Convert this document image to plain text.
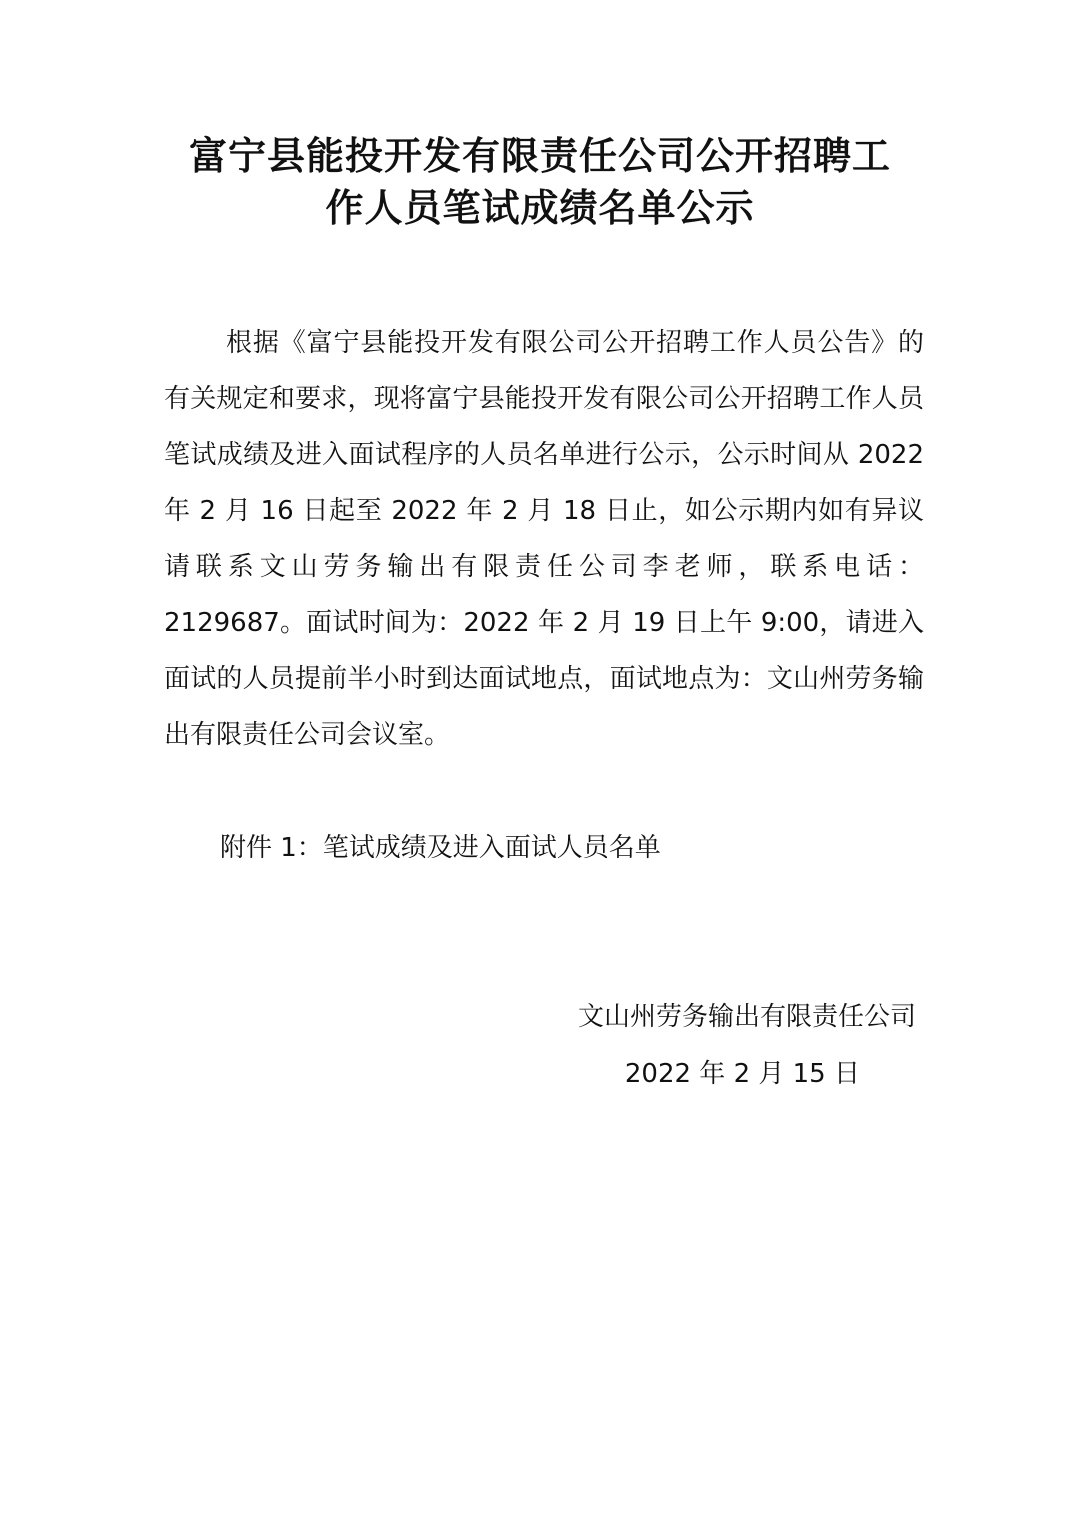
富宁县能投开发有限责任公司公开招聘工
作人员笔试成绩名单公示

根据《富宁县能投开发有限公司公开招聘工作人员公告》的有关规定和要求，现将富宁县能投开发有限公司公开招聘工作人员笔试成绩及进入面试程序的人员名单进行公示，公示时间从 2022 年 2 月 16 日起至 2022 年 2 月 18 日止，如公示期内如有异议请联系文山劳务输出有限责任公司李老师，联系电话：2129687。面试时间为：2022 年 2 月 19 日上午 9:00，请进入面试的人员提前半小时到达面试地点，面试地点为：文山州劳务输出有限责任公司会议室。

附件 1：笔试成绩及进入面试人员名单
文山州劳务输出有限责任公司
2022 年 2 月 15 日
